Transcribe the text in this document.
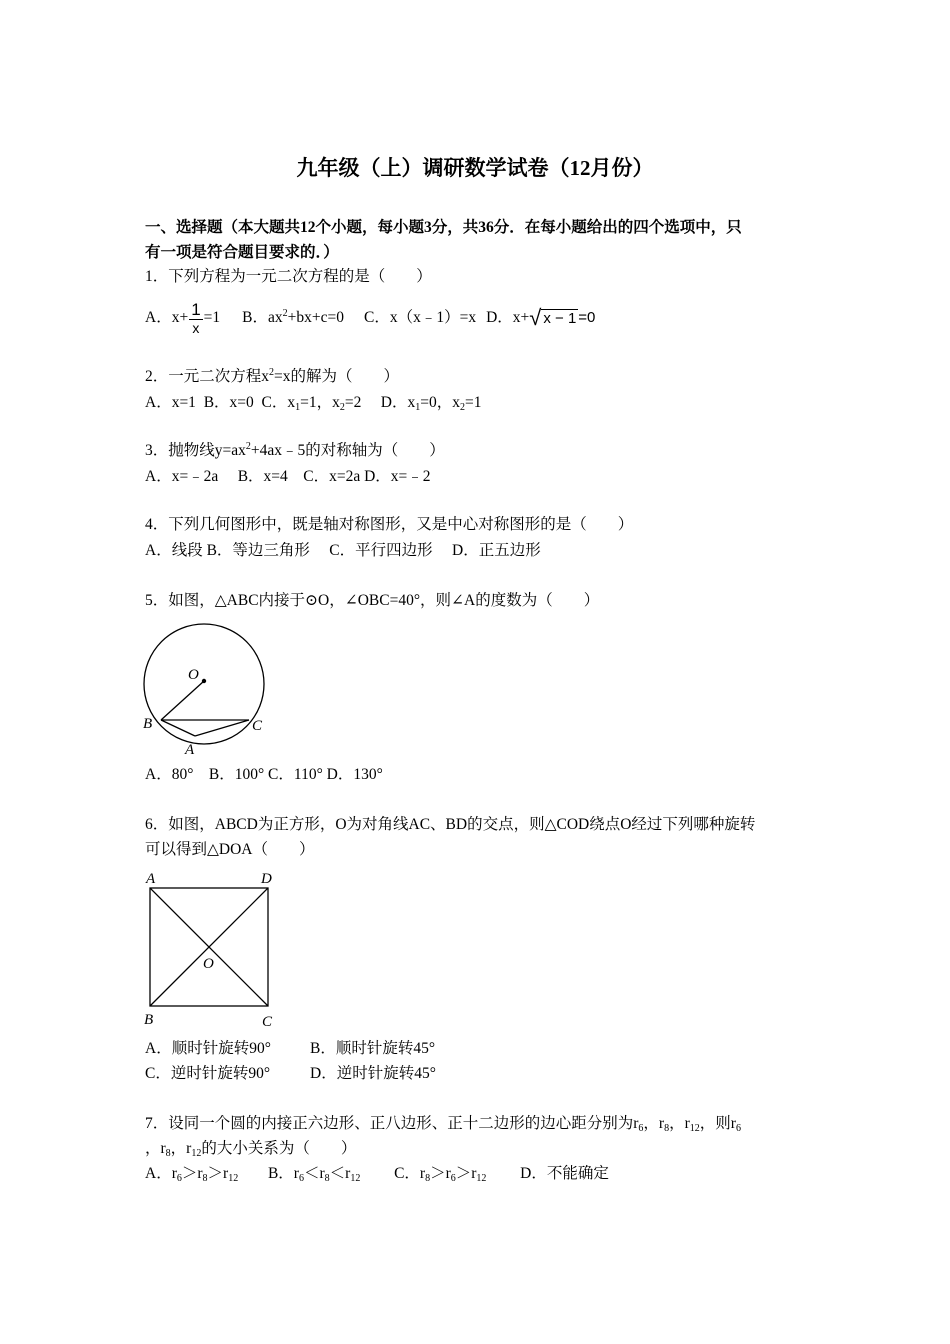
九年级（上）调研数学试卷（12月份）
一、选择题（本大题共12个小题，每小题3分，共36分．在每小题给出的四个选项中，只
有一项是符合题目要求的．）
1．下列方程为一元二次方程的是（　　）
A．$x+ \frac{1}{x} =1$ B．$ax^2+bx+c=0$ C．x（x﹣1）=x D．x+√ x − 1 =0
2．一元二次方程$x^2=x$的解为（　　）
A．x=1 B．x=0 C．$x_1=1$，$x_2=2$ D．$x_1=0$，$x_2=1$
3．抛物线$y=ax^2+4ax﹣5$的对称轴为（　　）
A．x=﹣2a　 B．x=4　C．x=2a D．x=﹣2
4．下列几何图形中，既是轴对称图形，又是中心对称图形的是（　　）
A．线段 B．等边三角形　 C．平行四边形　 D．正五边形
5．如图，△ABC内接于⊙O，∠OBC=40°，则∠A的度数为（　　）
O
B	C
A
A．80°　B．100° C．110° D．130°
6．如图，ABCD为正方形，O为对角线AC、BD的交点，则△COD绕点O经过下列哪种旋转
可以得到△DOA（　　）
A	D
B	C
O
A．顺时针旋转90°	B．顺时针旋转45°
C．逆时针旋转90°	D．逆时针旋转45°
7．设同一个圆的内接正六边形、正八边形、正十二边形的边心距分别为$r_6$，$r_8$，$r_{12}$，则$r_6$
，$r_8$，$r_{12}$的大小关系为（　　）
A．$r_6>r_8>r_{12}$ B．$r_6<r_8<r_{12}$ C．$r_8>r_6>r_{12}$ D．不能确定
